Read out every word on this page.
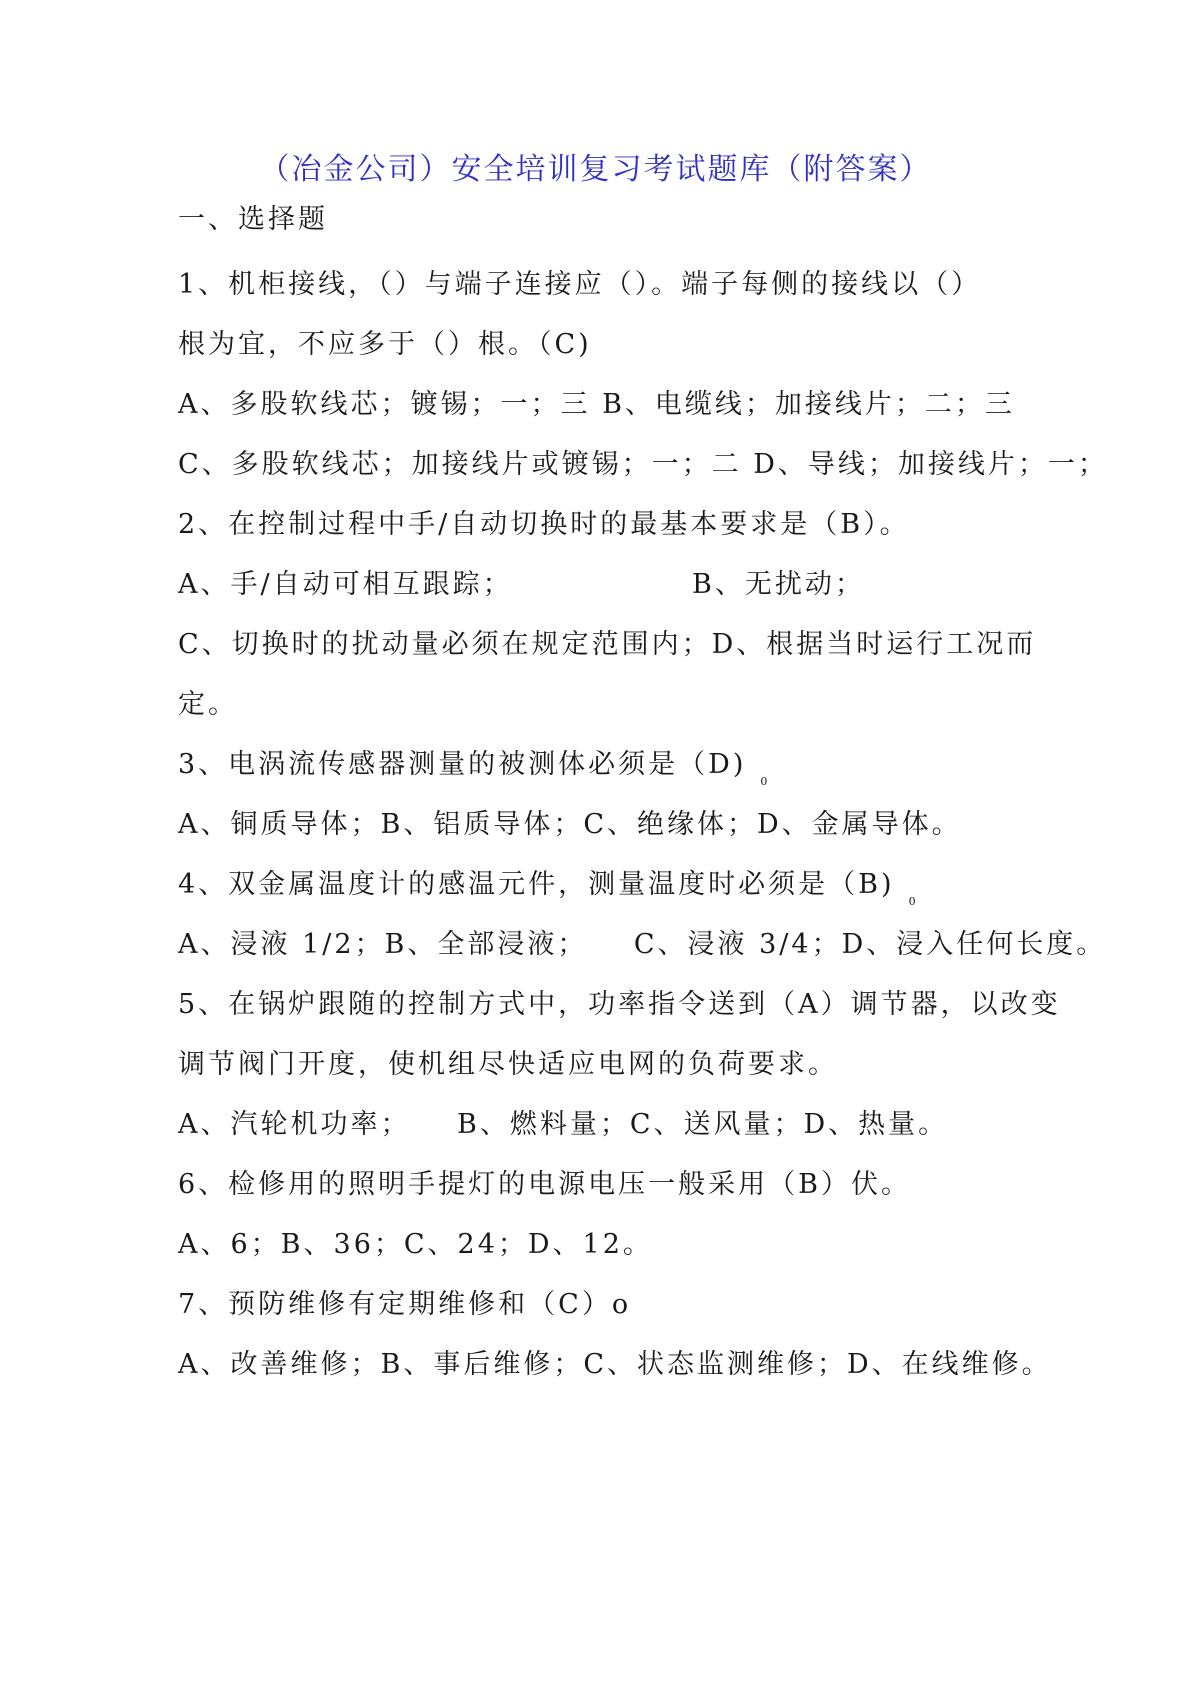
（冶金公司）安全培训复习考试题库（附答案）
一、选择题
1、机柜接线，（）与端子连接应（）。端子每侧的接线以（）
根为宜，不应多于（）根。（C)
A、多股软线芯；镀锡；一；三 B、电缆线；加接线片；二；三
C、多股软线芯；加接线片或镀锡；一；二 D、导线；加接线片；一；
2、在控制过程中手/自动切换时的最基本要求是（B）。
A、手/自动可相互跟踪；	B、无扰动；
C、切换时的扰动量必须在规定范围内；D、根据当时运行工况而
定。
3、电涡流传感器测量的被测体必须是$(D)_0$
A、铜质导体；B、铝质导体；C、绝缘体；D、金属导体。
4、双金属温度计的感温元件，测量温度时必须是$(B)_0$
A、浸液 1/2；B、全部浸液；　　C、浸液 3/4；D、浸入任何长度。
5、在锅炉跟随的控制方式中，功率指令送到（A）调节器，以改变
调节阀门开度，使机组尽快适应电网的负荷要求。
A、汽轮机功率；　　B、燃料量；C、送风量；D、热量。
6、检修用的照明手提灯的电源电压一般采用（B）伏。
A、6；B、36；C、24；D、12。
7、预防维修有定期维修和（C）o
A、改善维修；B、事后维修；C、状态监测维修；D、在线维修。
